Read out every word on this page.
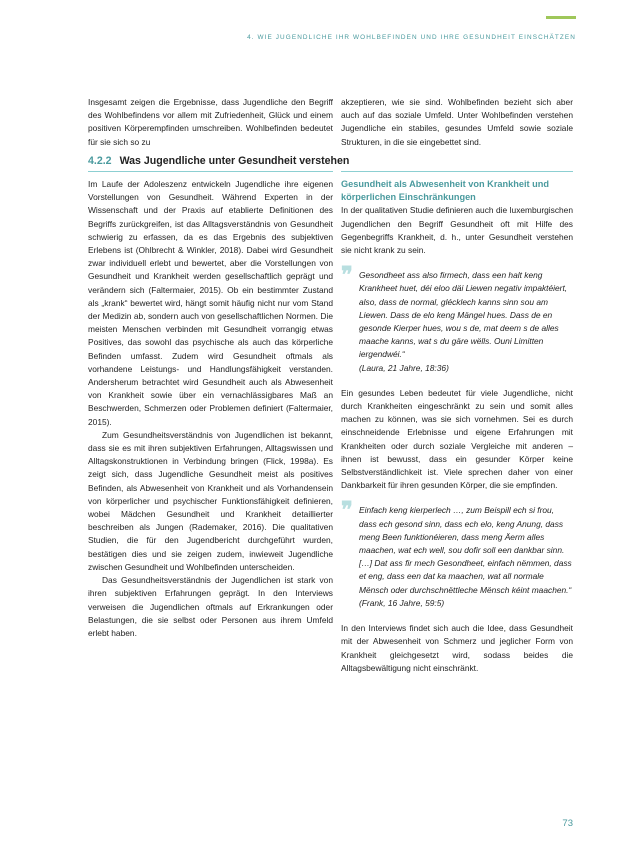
4. WIE JUGENDLICHE IHR WOHLBEFINDEN UND IHRE GESUNDHEIT EINSCHÄTZEN

Insgesamt zeigen die Ergebnisse, dass Jugendliche den Begriff des Wohlbefindens vor allem mit Zufriedenheit, Glück und einem positiven Körperempfinden umschreiben. Wohlbefinden bedeutet für sie sich so zu

akzeptieren, wie sie sind. Wohlbefinden bezieht sich aber auch auf das soziale Umfeld. Unter Wohlbefinden verstehen Jugendliche ein stabiles, gesundes Umfeld sowie soziale Strukturen, in die sie eingebettet sind.

4.2.2 Was Jugendliche unter Gesundheit verstehen

Im Laufe der Adoleszenz entwickeln Jugendliche ihre eigenen Vorstellungen von Gesundheit. Während Experten in der Wissenschaft und der Praxis auf etablierte Definitionen des Begriffs zurückgreifen, ist das Alltagsverständnis von Gesundheit schwierig zu erfassen, da es das Ergebnis des subjektiven Erlebens ist (Ohlbrecht & Winkler, 2018). Dabei wird Gesundheit zwar individuell erlebt und bewertet, aber die Vorstellungen von Gesundheit und Krankheit werden gesellschaftlich geprägt und verändern sich (Faltermaier, 2015). Ob ein bestimmter Zustand als „krank“ bewertet wird, hängt somit häufig nicht nur vom Stand der Medizin ab, sondern auch von gesellschaftlichen Normen. Die meisten Menschen verbinden mit Gesundheit vorrangig etwas Positives, das sowohl das psychische als auch das körperliche Befinden umfasst. Zudem wird Gesundheit oftmals als vorhandene Leistungs- und Handlungsfähigkeit verstanden. Andersherum betrachtet wird Gesundheit auch als Abwesenheit von Krankheit sowie über ein vernachlässigbares Maß an Beschwerden, Schmerzen oder Problemen definiert (Faltermaier, 2015).

Zum Gesundheitsverständnis von Jugendlichen ist bekannt, dass sie es mit ihren subjektiven Erfahrungen, Alltagswissen und Alltagskonstruktionen in Verbindung bringen (Flick, 1998a). Es zeigt sich, dass Jugendliche Gesundheit meist als positives Befinden, als Abwesenheit von Krankheit und als Vorhandensein von körperlicher und psychischer Funktionsfähigkeit definieren, wobei Mädchen Gesundheit und Krankheit detaillierter beschreiben als Jungen (Rademaker, 2016). Die qualitativen Studien, die für den Jugendbericht durchgeführt wurden, bestätigen dies und sie zeigen zudem, inwieweit Jugendliche zwischen Gesundheit und Wohlbefinden unterscheiden.

Das Gesundheitsverständnis der Jugendlichen ist stark von ihren subjektiven Erfahrungen geprägt. In den Interviews verweisen die Jugendlichen oftmals auf Erkrankungen oder Belastungen, die sie selbst oder Personen aus ihrem Umfeld erlebt haben.

Gesundheit als Abwesenheit von Krankheit und körperlichen Einschränkungen

In der qualitativen Studie definieren auch die luxemburgischen Jugendlichen den Begriff Gesundheit oft mit Hilfe des Gegenbegriffs Krankheit, d. h., unter Gesundheit verstehen sie nicht krank zu sein.

❞ Gesondheet ass also firmech, dass een halt keng Krankheet huet, déi eloo däi Liewen negativ impaktéiert, also, dass de normal, glécklech kanns sinn sou am Liewen. Dass de elo keng Mängel hues. Dass de en gesonde Kierper hues, wou s de, mat deem s de alles maache kanns, wat s du gäre wëlls. Ouni Limitten iergendwéi.“
(Laura, 21 Jahre, 18:36)

Ein gesundes Leben bedeutet für viele Jugendliche, nicht durch Krankheiten eingeschränkt zu sein und somit alles machen zu können, was sie sich vornehmen. Sei es durch einschneidende Erlebnisse und eigene Erfahrungen mit Krankheiten oder durch soziale Vergleiche mit anderen – ihnen ist bewusst, dass ein gesunder Körper keine Selbstverständlichkeit ist. Viele sprechen daher von einer Dankbarkeit für ihren gesunden Körper, die sie empfinden.

❞ Einfach keng kierperlech …, zum Beispill ech si frou, dass ech gesond sinn, dass ech elo, keng Anung, dass meng Been funktionéieren, dass meng Äerm alles maachen, wat ech well, sou dofir soll een dankbar sinn. […] Dat ass fir mech Gesondheet, einfach nëmmen, dass et eng, dass een dat ka maachen, wat all normale Mënsch oder durchschnëttleche Mënsch kéint maachen.“
(Frank, 16 Jahre, 59:5)

In den Interviews findet sich auch die Idee, dass Gesundheit mit der Abwesenheit von Schmerz und jeglicher Form von Krankheit gleichgesetzt wird, sodass beides die Alltagsbewältigung nicht einschränkt.

73
